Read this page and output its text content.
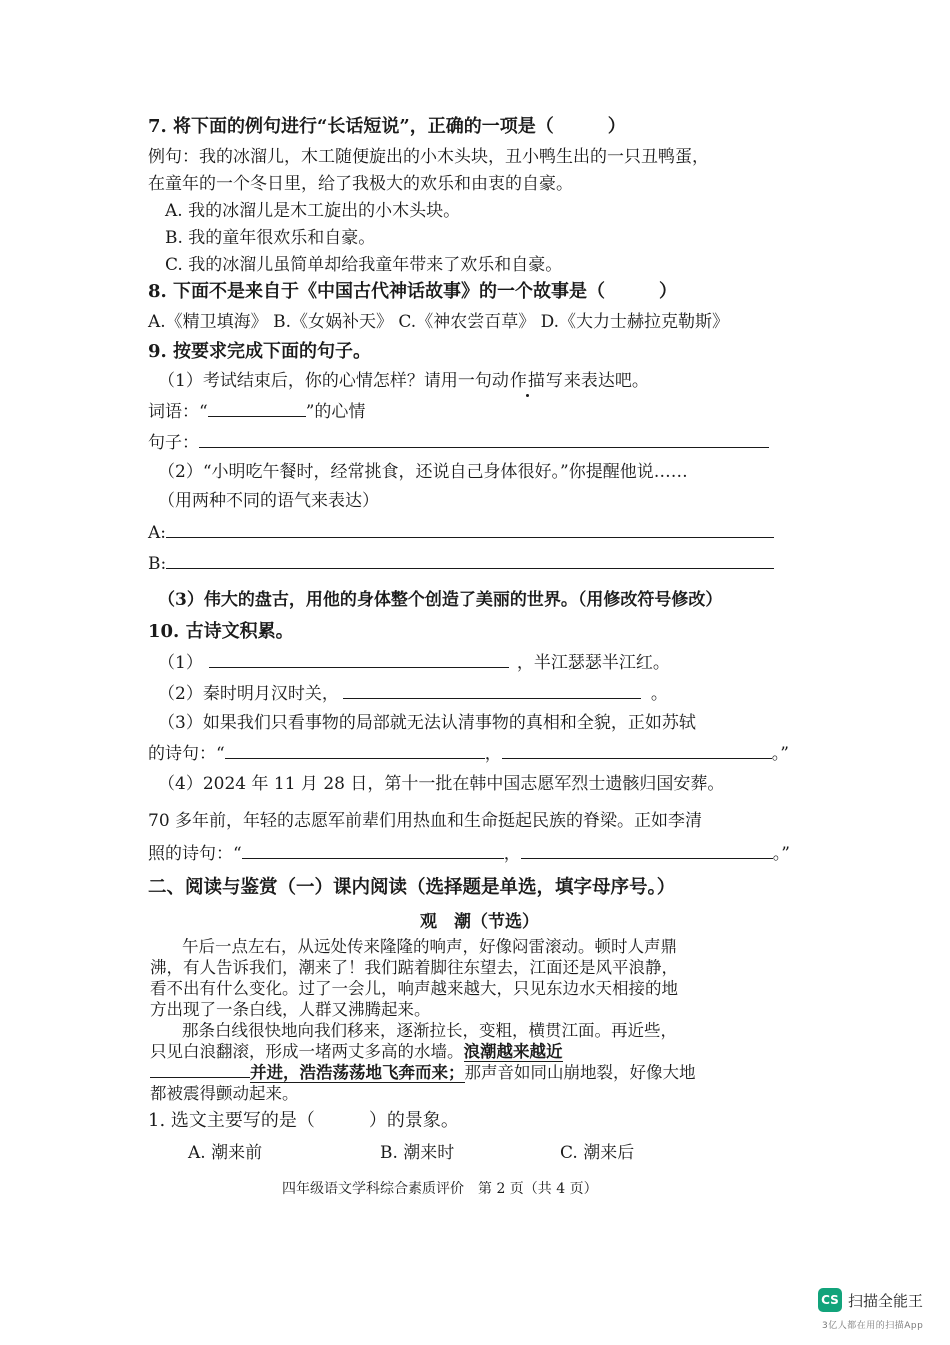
7. 将下面的例句进行“长话短说”，正确的一项是（　　　）
例句：我的冰溜儿，木工随便旋出的小木头块，丑小鸭生出的一只丑鸭蛋，
在童年的一个冬日里，给了我极大的欢乐和由衷的自豪。
A. 我的冰溜儿是木工旋出的小木头块。
B. 我的童年很欢乐和自豪。
C. 我的冰溜儿虽简单却给我童年带来了欢乐和自豪。
8. 下面不是来自于《中国古代神话故事》的一个故事是（　　　）
A.《精卫填海》 B.《女娲补天》 C.《神农尝百草》 D.《大力士赫拉克勒斯》
9. 按要求完成下面的句子。
（1）考试结束后，你的心情怎样？请用一句动作描写来表达吧。
词语：“	”的心情
句子：
（2）“小明吃午餐时，经常挑食，还说自己身体很好。”你提醒他说……
（用两种不同的语气来表达）
A:
B:
（3）伟大的盘古，用他的身体整个创造了美丽的世界。（用修改符号修改）
10. 古诗文积累。
（1）	，半江瑟瑟半江红。
（2）秦时明月汉时关，	。
（3）如果我们只看事物的局部就无法认清事物的真相和全貌，正如苏轼
的诗句：“	，	。”
（4）2024 年 11 月 28 日，第十一批在韩中国志愿军烈士遗骸归国安葬。
70 多年前，年轻的志愿军前辈们用热血和生命挺起民族的脊梁。正如李清
照的诗句：“	，	。”
二、阅读与鉴赏（一）课内阅读（选择题是单选，填字母序号。）
观　潮（节选）
午后一点左右，从远处传来隆隆的响声，好像闷雷滚动。顿时人声鼎
沸，有人告诉我们，潮来了！我们踮着脚往东望去，江面还是风平浪静，
看不出有什么变化。过了一会儿，响声越来越大，只见东边水天相接的地
方出现了一条白线，人群又沸腾起来。
那条白线很快地向我们移来，逐渐拉长，变粗，横贯江面。再近些，
只见白浪翻滚，形成一堵两丈多高的水墙。浪潮越来越近
并进，浩浩荡荡地飞奔而来；那声音如同山崩地裂，好像大地
都被震得颤动起来。
1. 选文主要写的是（　　　）的景象。
A. 潮来前	B. 潮来时	C. 潮来后
四年级语文学科综合素质评价　第 2 页（共 4 页）
CS 扫描全能王
3亿人都在用的扫描App
